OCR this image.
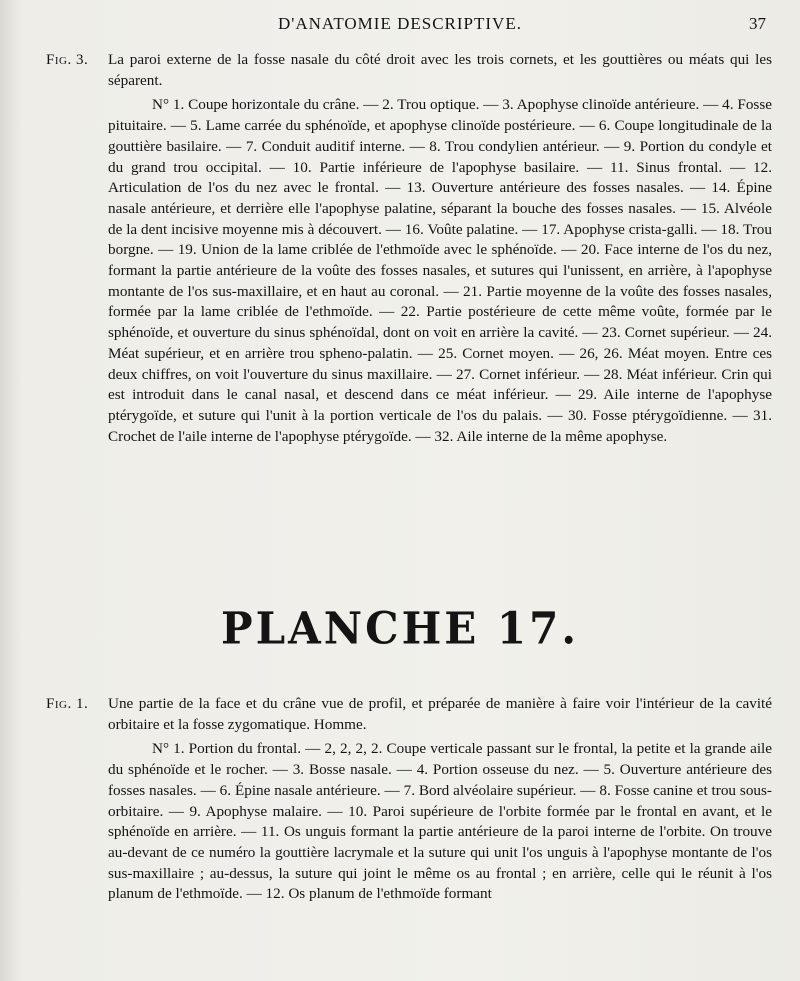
D'ANATOMIE DESCRIPTIVE.	37
Fig. 3. La paroi externe de la fosse nasale du côté droit avec les trois cornets, et les gouttières ou méats qui les séparent.

N° 1. Coupe horizontale du crâne. — 2. Trou optique. — 3. Apophyse clinoïde antérieure. — 4. Fosse pituitaire. — 5. Lame carrée du sphénoïde, et apophyse clinoïde postérieure. — 6. Coupe longitudinale de la gouttière basilaire. — 7. Conduit auditif interne. — 8. Trou condylien antérieur. — 9. Portion du condyle et du grand trou occipital. — 10. Partie inférieure de l'apophyse basilaire. — 11. Sinus frontal. — 12. Articulation de l'os du nez avec le frontal. — 13. Ouverture antérieure des fosses nasales. — 14. Épine nasale antérieure, et derrière elle l'apophyse palatine, séparant la bouche des fosses nasales. — 15. Alvéole de la dent incisive moyenne mis à découvert. — 16. Voûte palatine. — 17. Apophyse crista-galli. — 18. Trou borgne. — 19. Union de la lame criblée de l'ethmoïde avec le sphénoïde. — 20. Face interne de l'os du nez, formant la partie antérieure de la voûte des fosses nasales, et sutures qui l'unissent, en arrière, à l'apophyse montante de l'os sus-maxillaire, et en haut au coronal. — 21. Partie moyenne de la voûte des fosses nasales, formée par la lame criblée de l'ethmoïde. — 22. Partie postérieure de cette même voûte, formée par le sphénoïde, et ouverture du sinus sphénoïdal, dont on voit en arrière la cavité. — 23. Cornet supérieur. — 24. Méat supérieur, et en arrière trou spheno-palatin. — 25. Cornet moyen. — 26, 26. Méat moyen. Entre ces deux chiffres, on voit l'ouverture du sinus maxillaire. — 27. Cornet inférieur. — 28. Méat inférieur. Crin qui est introduit dans le canal nasal, et descend dans ce méat inférieur. — 29. Aile interne de l'apophyse ptérygoïde, et suture qui l'unit à la portion verticale de l'os du palais. — 30. Fosse ptérygoïdienne. — 31. Crochet de l'aile interne de l'apophyse ptérygoïde. — 32. Aile interne de la même apophyse.

PLANCHE 17.
Fig. 1. Une partie de la face et du crâne vue de profil, et préparée de manière à faire voir l'intérieur de la cavité orbitaire et la fosse zygomatique. Homme.

N° 1. Portion du frontal. — 2, 2, 2, 2. Coupe verticale passant sur le frontal, la petite et la grande aile du sphénoïde et le rocher. — 3. Bosse nasale. — 4. Portion osseuse du nez. — 5. Ouverture antérieure des fosses nasales. — 6. Épine nasale antérieure. — 7. Bord alvéolaire supérieur. — 8. Fosse canine et trou sous-orbitaire. — 9. Apophyse malaire. — 10. Paroi supérieure de l'orbite formée par le frontal en avant, et le sphénoïde en arrière. — 11. Os unguis formant la partie antérieure de la paroi interne de l'orbite. On trouve au-devant de ce numéro la gouttière lacrymale et la suture qui unit l'os unguis à l'apophyse montante de l'os sus-maxillaire ; au-dessus, la suture qui joint le même os au frontal ; en arrière, celle qui le réunit à l'os planum de l'ethmoïde. — 12. Os planum de l'ethmoïde formant
